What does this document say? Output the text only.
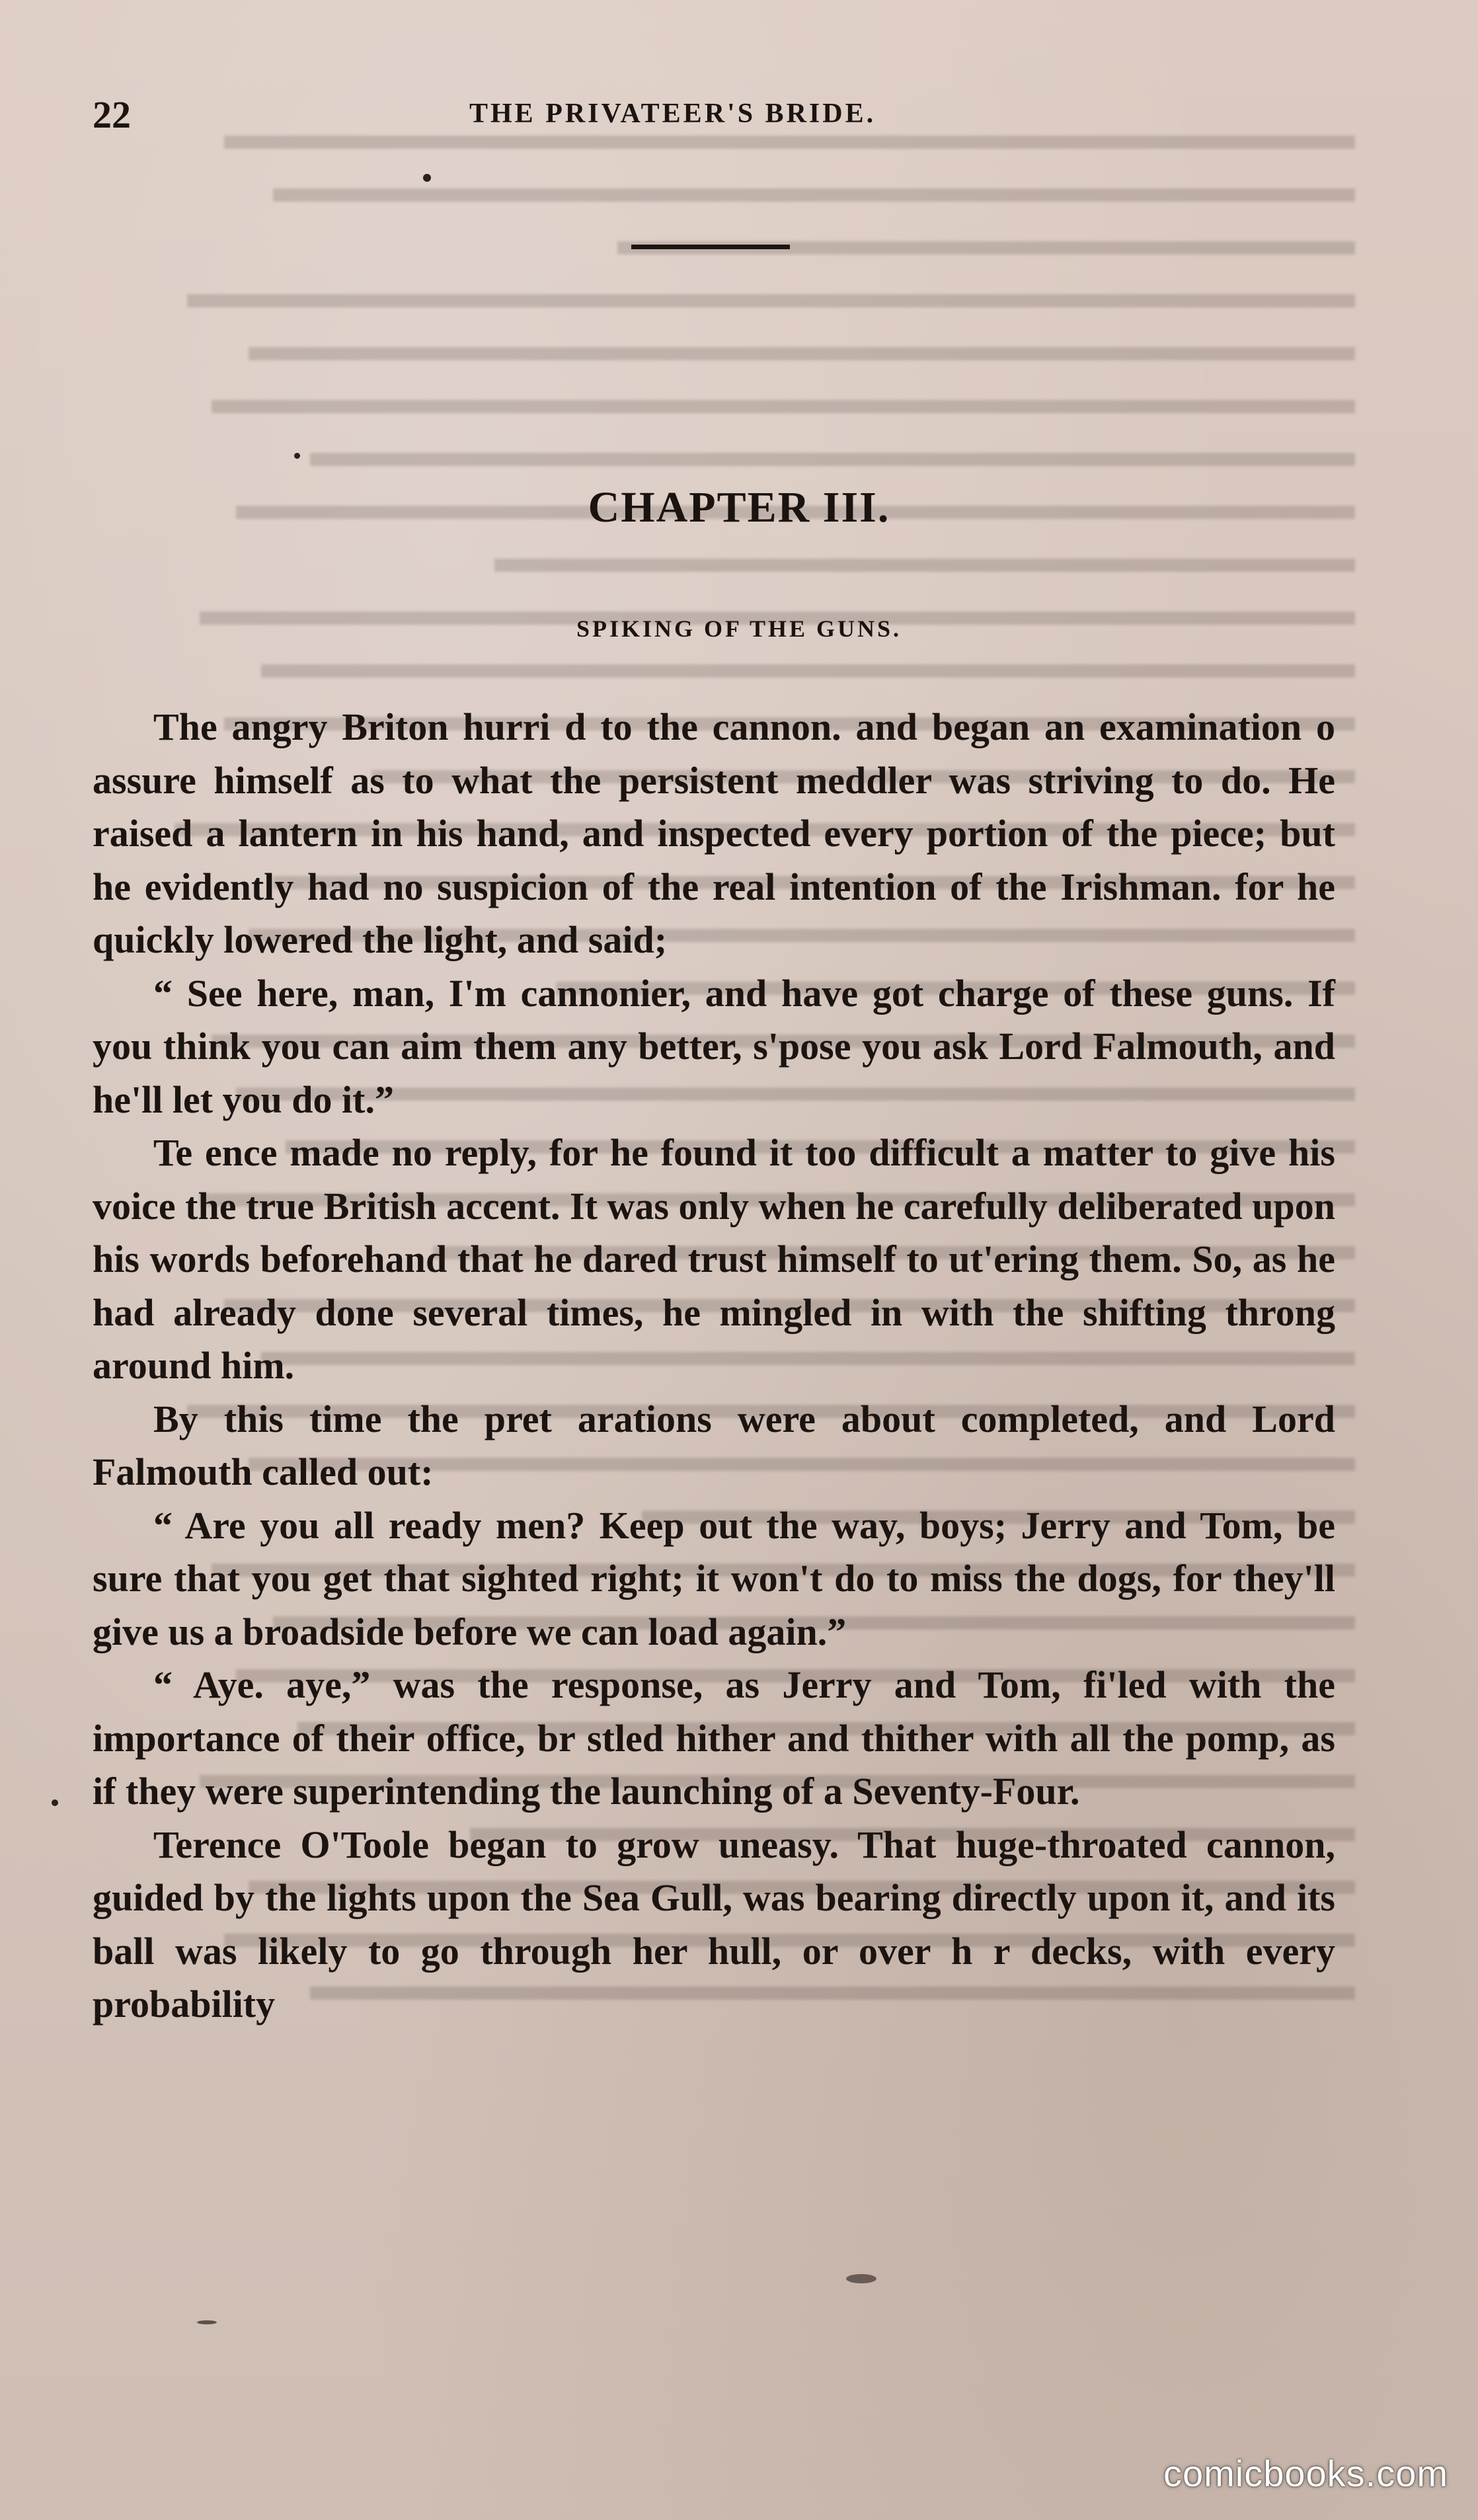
22	THE PRIVATEER'S BRIDE.
CHAPTER III.
SPIKING OF THE GUNS.

The angry Briton hurri d to the cannon. and began an examination o assure himself as to what the persistent meddler was striving to do. He raised a lantern in his hand, and inspected every portion of the piece; but he evidently had no suspicion of the real intention of the Irishman. for he quickly lowered the light, and said;

“ See here, man, I'm cannonier, and have got charge of these guns. If you think you can aim them any better, s'pose you ask Lord Falmouth, and he'll let you do it.”

Te ence made no reply, for he found it too difficult a matter to give his voice the true British accent. It was only when he carefully deliberated upon his words beforehand that he dared trust himself to ut'ering them. So, as he had already done several times, he mingled in with the shifting throng around him.

By this time the pret arations were about completed, and Lord Falmouth called out:

“ Are you all ready men? Keep out the way, boys; Jerry and Tom, be sure that you get that sighted right; it won't do to miss the dogs, for they'll give us a broadside before we can load again.”

“ Aye. aye,” was the response, as Jerry and Tom, fi'led with the importance of their office, br stled hither and thither with all the pomp, as if they were superintending the launching of a Seventy-Four.

Terence O'Toole began to grow uneasy. That huge-throated cannon, guided by the lights upon the Sea Gull, was bearing directly upon it, and its ball was likely to go through her hull, or over h r decks, with every probability

comicbooks.com
